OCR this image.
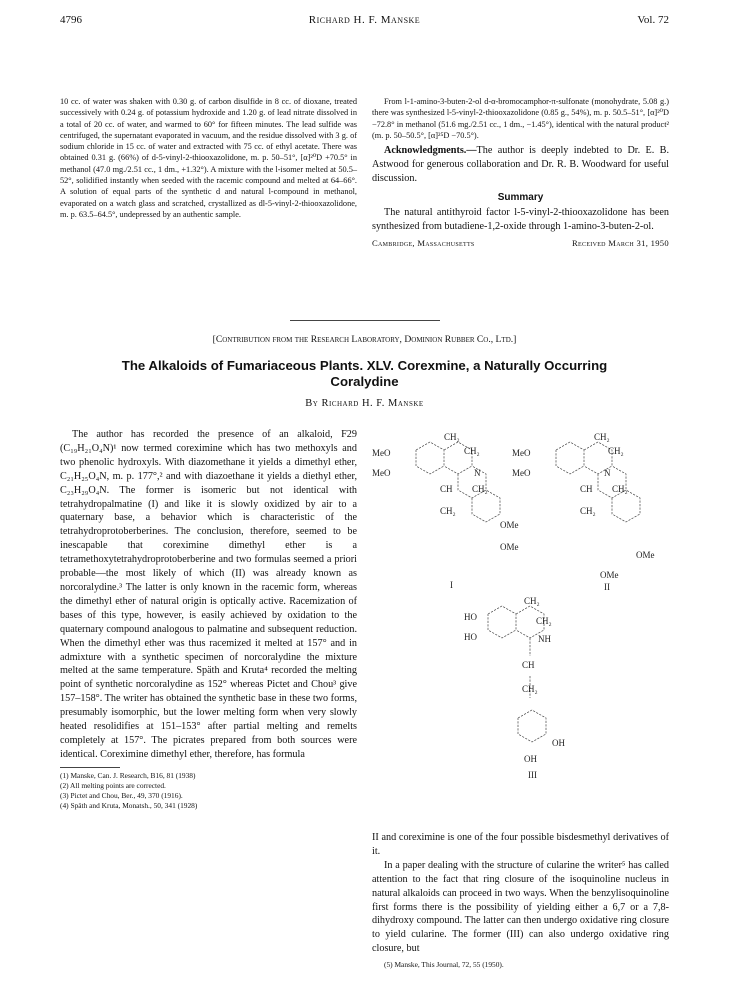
4796	Richard H. F. Manske	Vol. 72

10 cc. of water was shaken with 0.30 g. of carbon disulfide in 8 cc. of dioxane, treated successively with 0.24 g. of potassium hydroxide and 1.20 g. of lead nitrate dissolved in a total of 20 cc. of water, and warmed to 60° for fifteen minutes. The lead sulfide was centrifuged, the supernatant evaporated in vacuum, and the residue dissolved with 3 g. of sodium chloride in 15 cc. of water and extracted with 75 cc. of ethyl acetate. There was obtained 0.31 g. (66%) of d-5-vinyl-2-thiooxazolidone, m. p. 50–51°, [α]²⁰D +70.5° in methanol (47.0 mg./2.51 cc., 1 dm., +1.32°). A mixture with the l-isomer melted at 50.5–52°, solidified instantly when seeded with the racemic compound and melted at 64–66°. A solution of equal parts of the synthetic d and natural l-compound in methanol, evaporated on a watch glass and scratched, crystallized as dl-5-vinyl-2-thiooxazolidone, m. p. 63.5–64.5°, undepressed by an authentic sample.

From l-1-amino-3-buten-2-ol d-α-bromocamphor-π-sulfonate (monohydrate, 5.08 g.) there was synthesized l-5-vinyl-2-thiooxazolidone (0.85 g., 54%), m. p. 50.5–51°, [α]²⁰D −72.8° in methanol (51.6 mg./2.51 cc., 1 dm., −1.45°), identical with the natural product² (m. p. 50–50.5°, [α]²⁵D −70.5°).

Acknowledgments.—The author is deeply indebted to Dr. E. B. Astwood for generous collaboration and Dr. R. B. Woodward for useful discussion.

Summary

The natural antithyroid factor l-5-vinyl-2-thiooxazolidone has been synthesized from butadiene-1,2-oxide through 1-amino-3-buten-2-ol.

Cambridge, Massachusetts	Received March 31, 1950
[Contribution from the Research Laboratory, Dominion Rubber Co., Ltd.]
The Alkaloids of Fumariaceous Plants. XLV. Corexmine, a Naturally Occurring
Coralydine
By Richard H. F. Manske

The author has recorded the presence of an alkaloid, F29 (C₁₉H₂₁O₄N)¹ now termed coreximine which has two methoxyls and two phenolic hydroxyls. With diazomethane it yields a dimethyl ether, C₂₁H₂₅O₄N, m. p. 177°,² and with diazoethane it yields a diethyl ether, C₂₃H₂₉O₄N. The former is isomeric but not identical with tetrahydropalmatine (I) and like it is slowly oxidized by air to a quaternary base, a behavior which is characteristic of the tetrahydroprotoberberines. The conclusion, therefore, seemed to be inescapable that coreximine dimethyl ether is a tetramethoxytetrahydroprotoberberine and two formulas seemed a priori probable—the most likely of which (II) was already known as norcoralydine.³ The latter is only known in the racemic form, whereas the dimethyl ether of natural origin is optically active. Racemization of bases of this type, however, is easily achieved by oxidation to the quaternary compound analogous to palmatine and subsequent reduction. When the dimethyl ether was thus racemized it melted at 157° and in admixture with a synthetic specimen of norcoralydine the mixture melted at the same temperature. Späth and Kruta⁴ recorded the melting point of synthetic norcoralydine as 152° whereas Pictet and Chou³ give 157–158°. The writer has obtained the synthetic base in these two forms, presumably isomorphic, but the lower melting form when very slowly heated resolidifies at 151–153° after partial melting and remelts completely at 157°. The picrates prepared from both sources were identical. Coreximine dimethyl ether, therefore, has formula

(1) Manske, Can. J. Research, B16, 81 (1938)
(2) All melting points are corrected.
(3) Pictet and Chou, Ber., 49, 370 (1916).
(4) Späth and Kruta, Monatsh., 50, 341 (1928)
MeO
MeO
CH₂
CH₂
N
CH CH₂
CH₂
OMe
OMe
I
MeO
MeO
CH₂
CH₂
N
CH CH₂
CH₂
OMe
OMe
II
HO
HO
CH₂
CH₂
NH
CH
CH₂
OH
OH
III

II and coreximine is one of the four possible bisdesmethyl derivatives of it.

In a paper dealing with the structure of cularine the writer⁵ has called attention to the fact that ring closure of the isoquinoline nucleus in natural alkaloids can proceed in two ways. When the benzylisoquinoline first forms there is the possibility of yielding either a 6,7 or a 7,8-dihydroxy compound. The latter can then undergo oxidative ring closure to yield cularine. The former (III) can also undergo oxidative ring closure, but

(5) Manske, This Journal, 72, 55 (1950).
